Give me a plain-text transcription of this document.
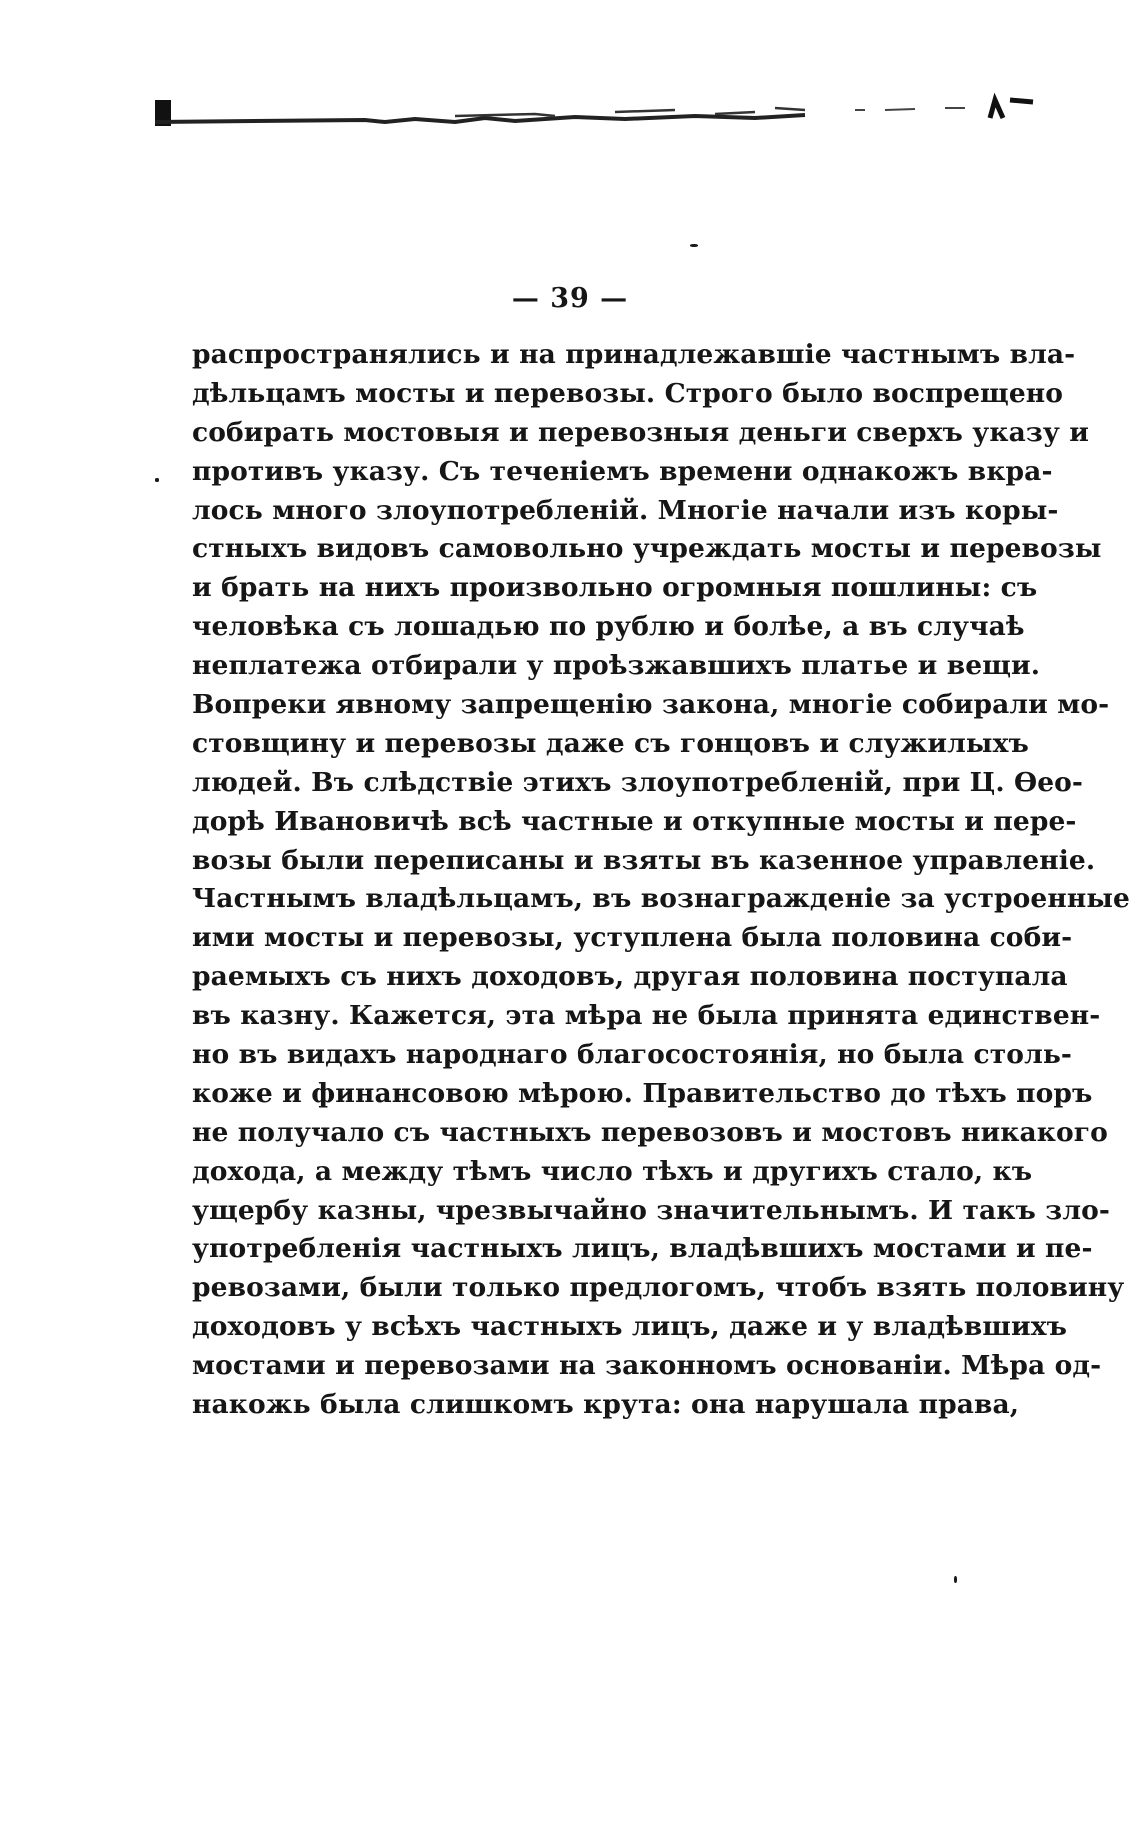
— 39 —
распространялись и на принадлежавшіе частнымъ вла-
дѣльцамъ мосты и перевозы. Строго было воспрещено
собирать мостовыя и перевозныя деньги сверхъ указу и
противъ указу. Съ теченіемъ времени однакожъ вкра-
лось много злоупотребленій. Многіе начали изъ коры-
стныхъ видовъ самовольно учреждать мосты и перевозы
и брать на нихъ произвольно огромныя пошлины: съ
человѣка съ лошадью по рублю и болѣе, а въ случаѣ
неплатежа отбирали у проѣзжавшихъ платье и вещи.
Вопреки явному запрещенію закона, многіе собирали мо-
стовщину и перевозы даже съ гонцовъ и служилыхъ
людей. Въ слѣдствіе этихъ злоупотребленій, при Ц. Ѳео-
дорѣ Ивановичѣ всѣ частные и откупные мосты и пере-
возы были переписаны и взяты въ казенное управленіе.
Частнымъ владѣльцамъ, въ вознагражденіе за устроенные
ими мосты и перевозы, уступлена была половина соби-
раемыхъ съ нихъ доходовъ, другая половина поступала
въ казну. Кажется, эта мѣра не была принята единствен-
но въ видахъ народнаго благосостоянія, но была столь-
коже и финансовою мѣрою. Правительство до тѣхъ поръ
не получало съ частныхъ перевозовъ и мостовъ никакого
дохода, а между тѣмъ число тѣхъ и другихъ стало, къ
ущербу казны, чрезвычайно значительнымъ. И такъ зло-
употребленія частныхъ лицъ, владѣвшихъ мостами и пе-
ревозами, были только предлогомъ, чтобъ взять половину
доходовъ у всѣхъ частныхъ лицъ, даже и у владѣвшихъ
мостами и перевозами на законномъ основаніи. Мѣра од-
накожь была слишкомъ крута: она нарушала права,
